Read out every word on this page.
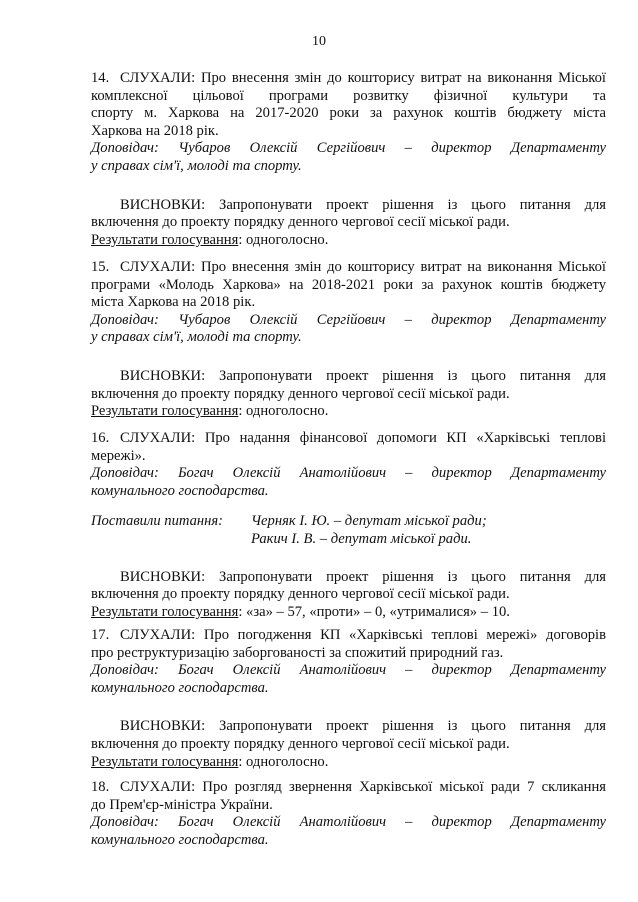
10
14. СЛУХАЛИ: Про внесення змін до кошторису витрат на виконання Міської
комплексної цільової програми розвитку фізичної культури та
спорту м. Харкова на 2017-2020 роки за рахунок коштів бюджету міста
Харкова на 2018 рік.
Доповідач: Чубаров Олексій Сергійович – директор Департаменту
у справах сім'ї, молоді та спорту.
ВИСНОВКИ: Запропонувати проект рішення із цього питання для
включення до проекту порядку денного чергової сесії міської ради.
Результати голосування: одноголосно.
15. СЛУХАЛИ: Про внесення змін до кошторису витрат на виконання Міської
програми «Молодь Харкова» на 2018-2021 роки за рахунок коштів бюджету
міста Харкова на 2018 рік.
Доповідач: Чубаров Олексій Сергійович – директор Департаменту
у справах сім'ї, молоді та спорту.
ВИСНОВКИ: Запропонувати проект рішення із цього питання для
включення до проекту порядку денного чергової сесії міської ради.
Результати голосування: одноголосно.
16. СЛУХАЛИ: Про надання фінансової допомоги КП «Харківські теплові
мережі».
Доповідач: Богач Олексій Анатолійович – директор Департаменту
комунального господарства.
Поставили питання:	Черняк І. Ю. – депутат міської ради;
Ракич І. В. – депутат міської ради.
ВИСНОВКИ: Запропонувати проект рішення із цього питання для
включення до проекту порядку денного чергової сесії міської ради.
Результати голосування: «за» – 57, «проти» – 0, «утрималися» – 10.
17. СЛУХАЛИ: Про погодження КП «Харківські теплові мережі» договорів
про реструктуризацію заборгованості за спожитий природний газ.
Доповідач: Богач Олексій Анатолійович – директор Департаменту
комунального господарства.
ВИСНОВКИ: Запропонувати проект рішення із цього питання для
включення до проекту порядку денного чергової сесії міської ради.
Результати голосування: одноголосно.
18. СЛУХАЛИ: Про розгляд звернення Харківської міської ради 7 скликання
до Прем'єр-міністра України.
Доповідач: Богач Олексій Анатолійович – директор Департаменту
комунального господарства.
